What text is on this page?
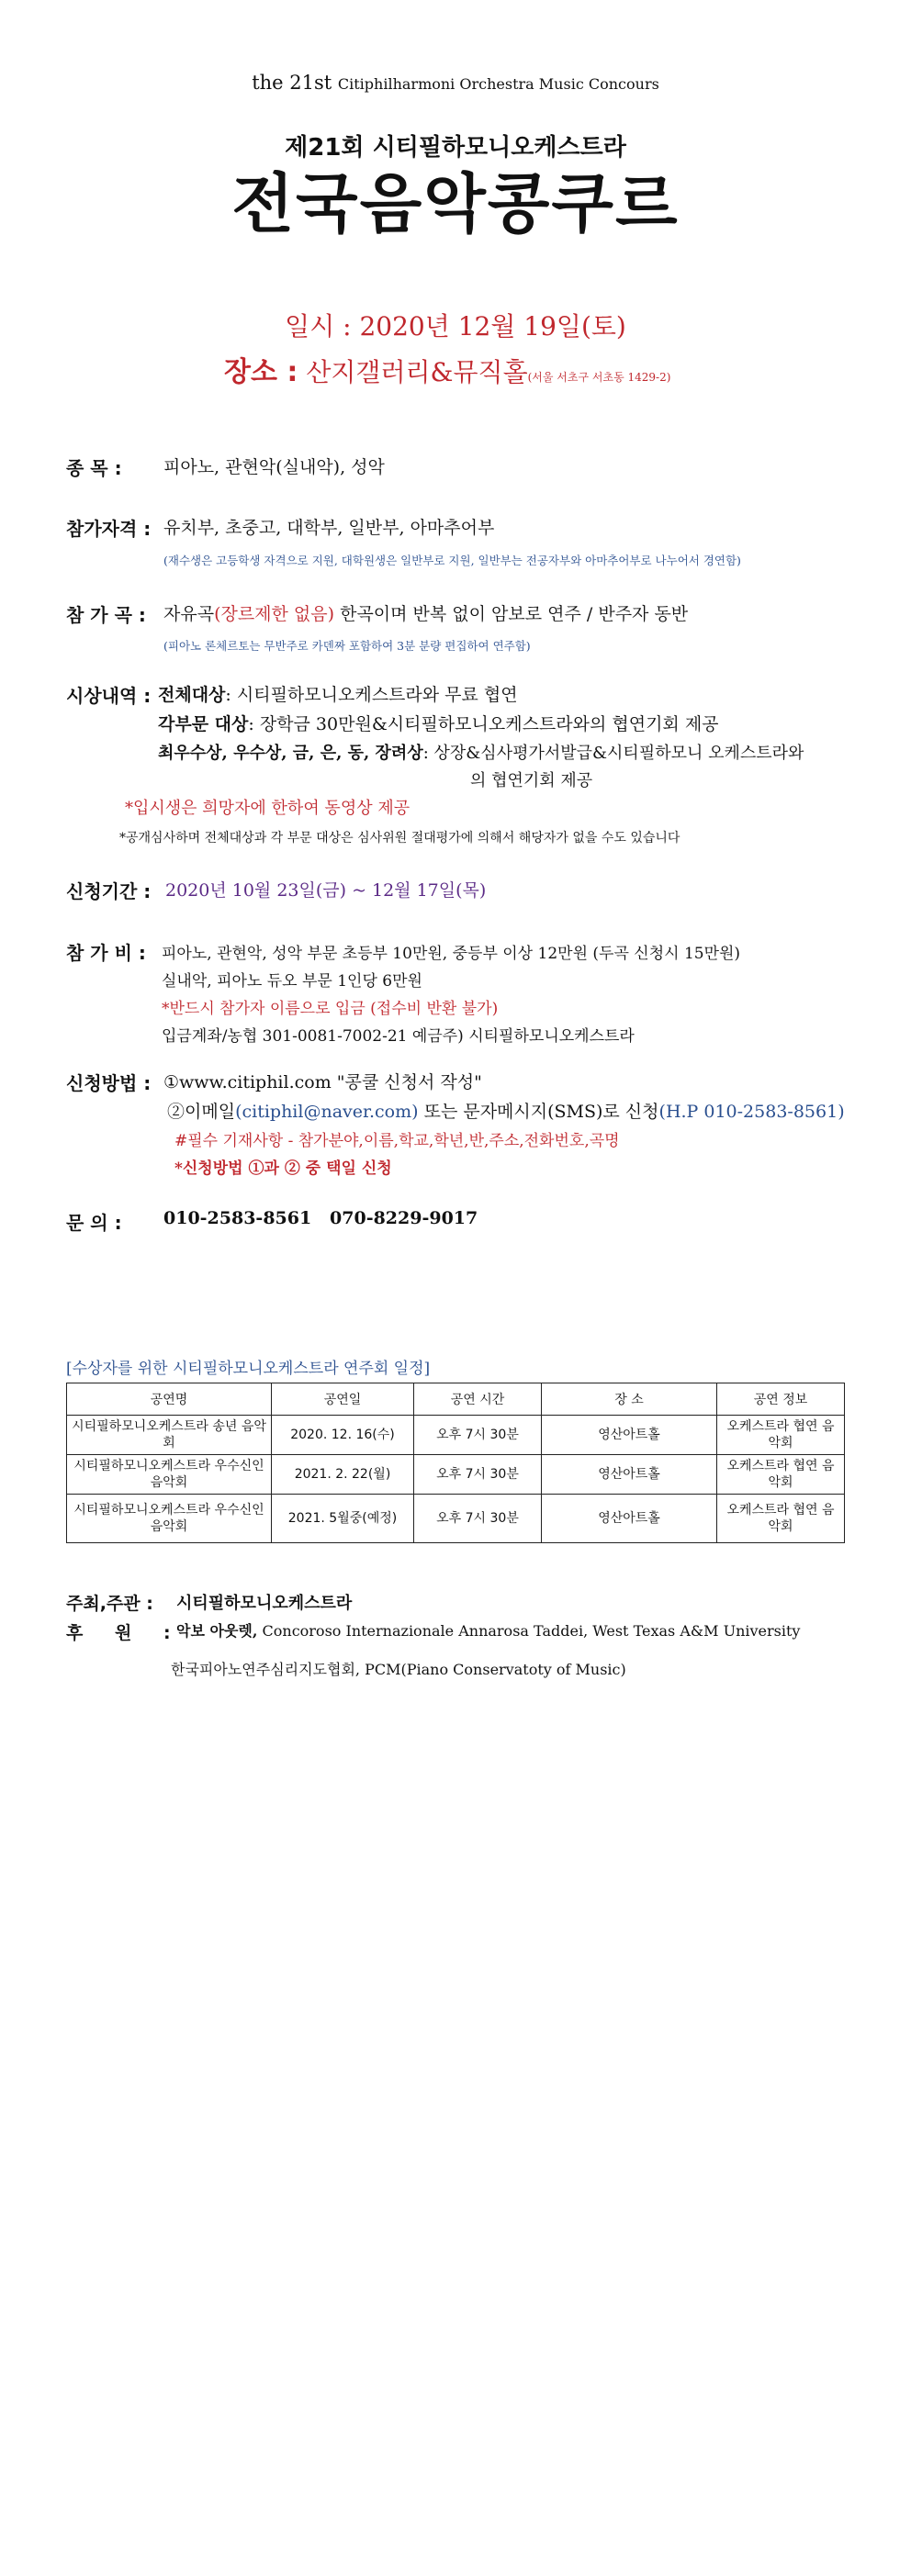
the 21st Citiphilharmoni Orchestra Music Concours
제21회 시티필하모니오케스트라
전국음악콩쿠르
일시 : 2020년 12월 19일(토)
장소 : 산지갤러리&뮤직홀(서울 서초구 서초동 1429-2)
종 목 : 피아노, 관현악(실내악), 성악
참가자격 : 유치부, 초중고, 대학부, 일반부, 아마추어부
(재수생은 고등학생 자격으로 지원, 대학원생은 일반부로 지원, 일반부는 전공자부와 아마추어부로 나누어서 경연함)
참 가 곡 : 자유곡(장르제한 없음) 한곡이며 반복 없이 암보로 연주 / 반주자 동반
(피아노 론체르토는 무반주로 카덴짜 포함하여 3분 분량 편집하여 연주함)
시상내역 : 전체대상: 시티필하모니오케스트라와 무료 협연
각부문 대상: 장학금 30만원&시티필하모니오케스트라와의 협연기회 제공
최우수상, 우수상, 금, 은, 동, 장려상: 상장&심사평가서발급&시티필하모니 오케스트라와
의 협연기회 제공
*입시생은 희망자에 한하여 동영상 제공
*공개심사하며 전체대상과 각 부문 대상은 심사위원 절대평가에 의해서 해당자가 없을 수도 있습니다
신청기간 : 2020년 10월 23일(금) ~ 12월 17일(목)
참 가 비 : 피아노, 관현악, 성악 부문 초등부 10만원, 중등부 이상 12만원 (두곡 신청시 15만원)
실내악, 피아노 듀오 부문 1인당 6만원
*반드시 참가자 이름으로 입금 (접수비 반환 불가)
입금계좌/농협 301-0081-7002-21 예금주) 시티필하모니오케스트라
신청방법 : ①www.citiphil.com "콩쿨 신청서 작성"
②이메일(citiphil@naver.com) 또는 문자메시지(SMS)로 신청(H.P 010-2583-8561)
#필수 기재사항 - 참가분야,이름,학교,학년,반,주소,전화번호,곡명
*신청방법 ①과 ② 중 택일 신청
문 의 : 010-2583-8561   070-8229-9017
[수상자를 위한 시티필하모니오케스트라 연주회 일정]
공연명	공연일	공연 시간	장 소	공연 정보
시티필하모니오케스트라 송년 음악회	2020. 12. 16(수)	오후 7시 30분	영산아트홀	오케스트라 협연 음악회
시티필하모니오케스트라 우수신인 음악회	2021. 2. 22(월)	오후 7시 30분	영산아트홀	오케스트라 협연 음악회
시티필하모니오케스트라 우수신인 음악회	2021. 5월중(예정)	오후 7시 30분	영산아트홀	오케스트라 협연 음악회
주최,주관 : 시티필하모니오케스트라
후 원 : 악보 아웃렛, Concoroso Internazionale Annarosa Taddei, West Texas A&M University
한국피아노연주심리지도협회, PCM(Piano Conservatoty of Music)
